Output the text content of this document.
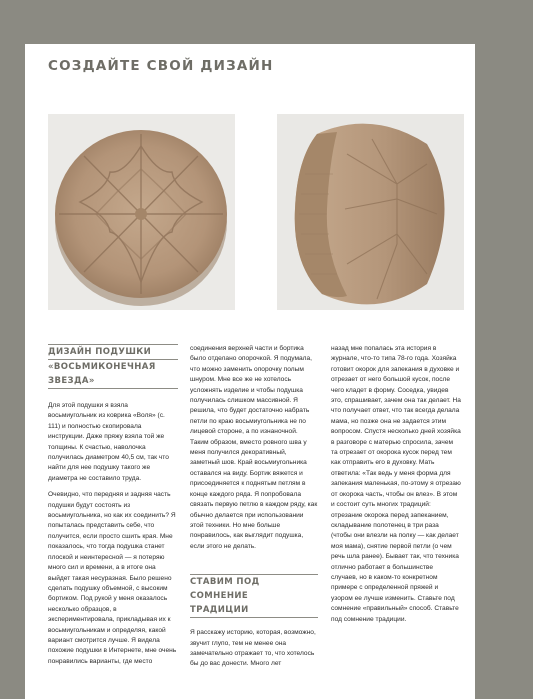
СОЗДАЙТЕ СВОЙ ДИЗАЙН
ДИЗАЙН ПОДУШКИ
«ВОСЬМИКОНЕЧНАЯ ЗВЕЗДА»

Для этой подушки я взяла восьмиугольник из коврика «Воля» (с. 111) и полностью скопировала инструкции. Даже пряжу взяла той же толщины. К счастью, наволочка получилась диаметром 40,5 см, так что найти для нее подушку такого же диаметра не составило труда.

Очевидно, что передняя и задняя часть подушки будут состоять из восьмиугольника, но как их соединить? Я попыталась представить себе, что получится, если просто сшить края. Мне показалось, что тогда подушка станет плоской и неинтересной — я потеряю много сил и времени, а в итоге она выйдет такая несуразная. Было решено сделать подушку объемной, с высоким бортиком. Под рукой у меня оказалось несколько образцов, в экспериментировала, прикладывая их к восьмиугольникам и определяя, какой вариант смотрится лучше. Я видела похожие подушки в Интернете, мне очень понравились варианты, где место

соединения верхней части и бортика было отделано опорочкой. Я подумала, что можно заменить опорочку полым шнуром. Мне все же не хотелось усложнять изделие и чтобы подушка получилась слишком массивной. Я решила, что будет достаточно набрать петли по краю восьмиугольника не по лицевой стороне, а по изнаночной. Таким образом, вместо ровного шва у меня получился декоративный, заметный шов. Край восьмиугольника оставался на виду. Бортик вяжется и присоединяется к поднятым петлям в конце каждого ряда. Я попробовала связать первую петлю в каждом ряду, как обычно делается при использовании этой техники. Но мне больше понравилось, как выглядит подушка, если этого не делать.

СТАВИМ ПОД СОМНЕНИЕ
ТРАДИЦИИ

Я расскажу историю, которая, возможно, звучит глупо, тем не менее она замечательно отражает то, что хотелось бы до вас донести. Много лет

назад мне попалась эта история в журнале, что-то типа 78-го года. Хозяйка готовит окорок для запекания в духовке и отрезает от него большой кусок, после чего кладет в форму. Соседка, увидев это, спрашивает, зачем она так делает. На что получает ответ, что так всегда делала мама, но позже она не задается этим вопросом. Спустя несколько дней хозяйка в разговоре с матерью спросила, зачем та отрезает от окорока кусок перед тем как отправить его в духовку. Мать ответила: «Так ведь у меня форма для запекания маленькая, по-этому я отрезаю от окорока часть, чтобы он влез». В этом и состоит суть многих традиций: отрезание окорока перед запеканием, складывание полотенец в три раза (чтобы они влезли на полку — как делает моя мама), снятие первой петли (о чем речь шла ранее). Бывает так, что техника отлично работает в большинстве случаев, но в каком-то конкретном примере с определенной пряжей и узором ее лучше изменить. Ставьте под сомнение «правильный» способ. Ставьте под сомнение традиции.
